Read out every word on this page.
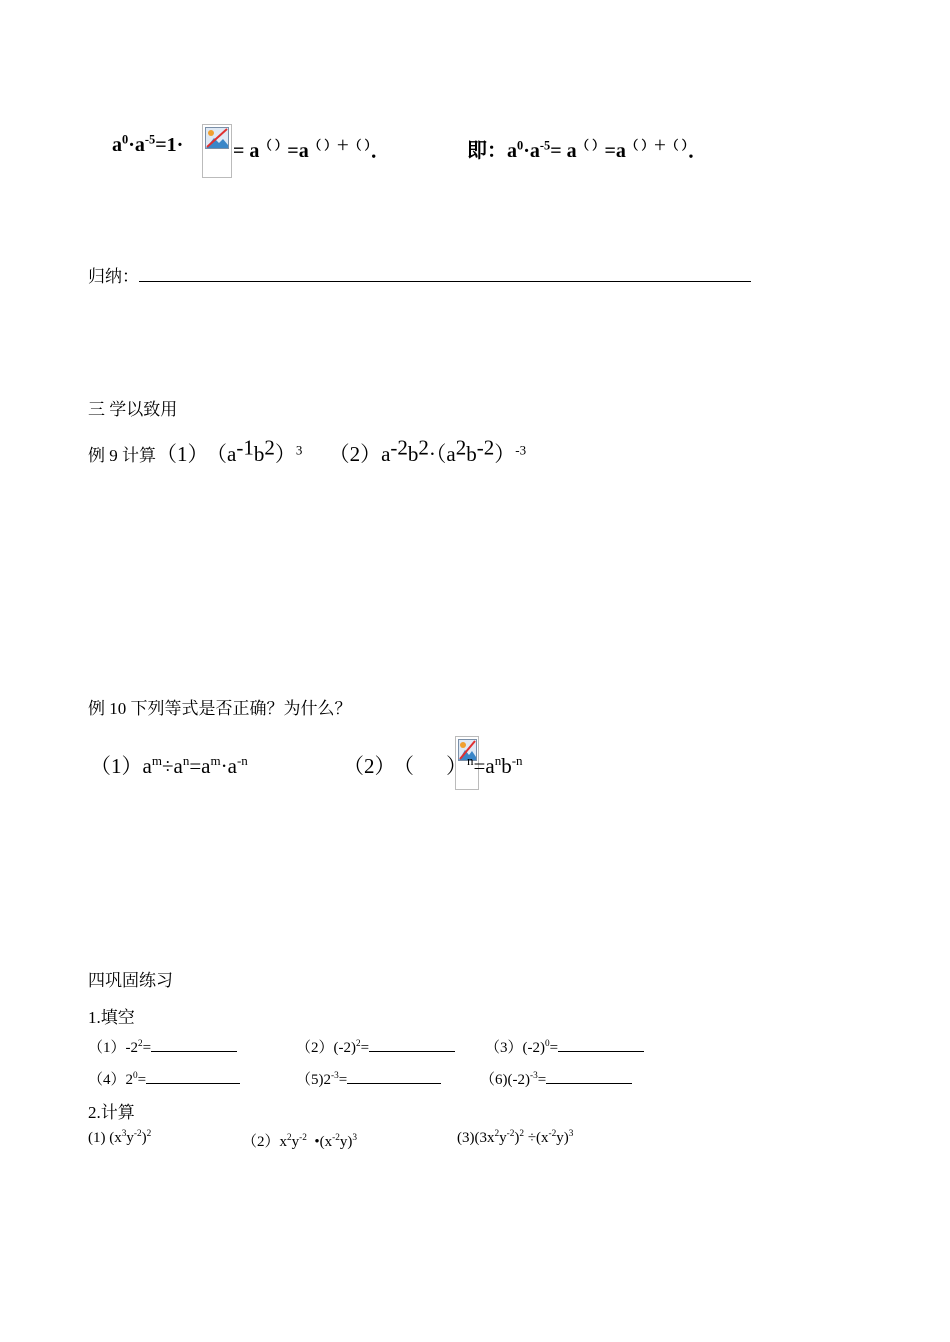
$a^0\cdot a^{-5}=1\cdot$
= a（ ）=a（ ）＋（ ）．	即：$a^0\cdot a^{-5}= a^{( )}=a^{( )+( )}$．
归纳：
三 学以致用
例 9 计算（1） $(a^{-1}b^2)^3$ $(2)a^{-2}b^2\cdot(a^2b^{-2})^{-3}$
例 10 下列等式是否正确？为什么？
$(1)a^m\div a^n=a^m\cdot a^{-n}$	（2） （ ）$^n=a^nb^{-n}$
四巩固练习
1.填空
$(1)-2^2=$	$(2)(-2)^2=$	$(3)(-2)^0=$
$(4)2^0=$	$(5)2^{-3}=$	$(6)(-2)^{-3}=$
2.计算
(1) $(x^3y^{-2})^2$	$(2)x^2y^{-2}$  $•(x^{-2}y)^3$	$(3)(3x^2y^{-2})^2 \div(x^{-2}y)^3$
